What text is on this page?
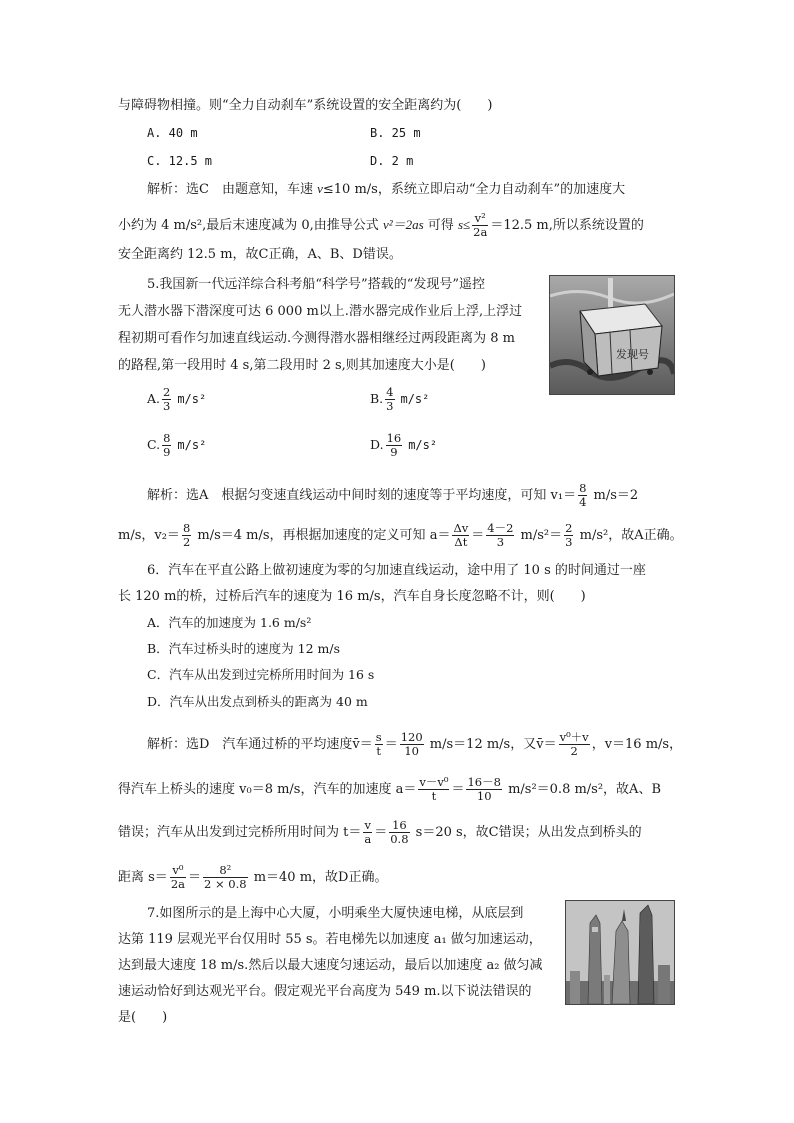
与障碍物相撞。则“全力自动刹车”系统设置的安全距离约为(　　)
A. 40 m	B. 25 m
C. 12.5 m	D. 2 m
解析：选C　由题意知，车速 v≤10 m/s，系统立即启动“全力自动刹车”的加速度大
小约为 4 m/s²,最后末速度减为 0,由推导公式 v²＝2as 可得 $s\le \frac{\text{v²}}{2a} =12.5$ m,所以系统设置的
安全距离约 12.5 m，故C正确，A、B、D错误。
5.我国新一代远洋综合科考船“科学号”搭载的“发现号”遥控
无人潜水器下潜深度可达 6 000 m以上.潜水器完成作业后上浮,上浮过
程初期可看作匀加速直线运动.今测得潜水器相继经过两段距离为 8 m
的路程,第一段用时 4 s,第二段用时 2 s,则其加速度大小是(　　)
发现号
A. $\frac{2}{3} m/s^2$	B. $\frac{4}{3} m/s^2$
C. $\frac{8}{9} m/s^2$	D. $\frac{16}{9} m/s^2$
解析：选A　根据匀变速直线运动中间时刻的速度等于平均速度，可知 $v_1= \frac{8}{4} m/s=2$
m/s，$v_2= \frac{8}{2} m/s=4$ m/s，再根据加速度的定义可知 $a= \frac{\Delta v}{\Delta t} = \frac{4-2}{3} m/s^2= \frac{2}{3} m/s^2$，故A正确。
6．汽车在平直公路上做初速度为零的匀加速直线运动，途中用了 10 s 的时间通过一座
长 120 m的桥，过桥后汽车的速度为 16 m/s，汽车自身长度忽略不计，则(　　)
A．汽车的加速度为 1.6 m/s²
B．汽车过桥头时的速度为 12 m/s
C．汽车从出发到过完桥所用时间为 16 s
D．汽车从出发点到桥头的距离为 40 m
解析：选D　汽车通过桥的平均速度v̄＝ $\frac{s}{t} = \frac{120}{10} m/s=12$ m/s，又v̄＝ $\frac{\text{v⁰＋v}}{2}$ ，v＝16 m/s，
得汽车上桥头的速度 v₀＝8 m/s，汽车的加速度 $a= \frac{\text{v－v⁰}}{t} = \frac{16-8}{10} m/s^2=0.8$ m/s²，故A、B
错误；汽车从出发到过完桥所用时间为 $t= \frac{v}{a} = \frac{16}{0.8} s=20$ s，故C错误；从出发点到桥头的
距离 $s= \frac{\text{v⁰}}{2a} = \frac{\text{8²}}{2 \times 0.8} m=40$ m，故D正确。
7.如图所示的是上海中心大厦，小明乘坐大厦快速电梯，从底层到
达第 119 层观光平台仅用时 55 s。若电梯先以加速度 a₁ 做匀加速运动，
达到最大速度 18 m/s.然后以最大速度匀速运动，最后以加速度 a₂ 做匀减
速运动恰好到达观光平台。假定观光平台高度为 549 m.以下说法错误的
是(　　)
